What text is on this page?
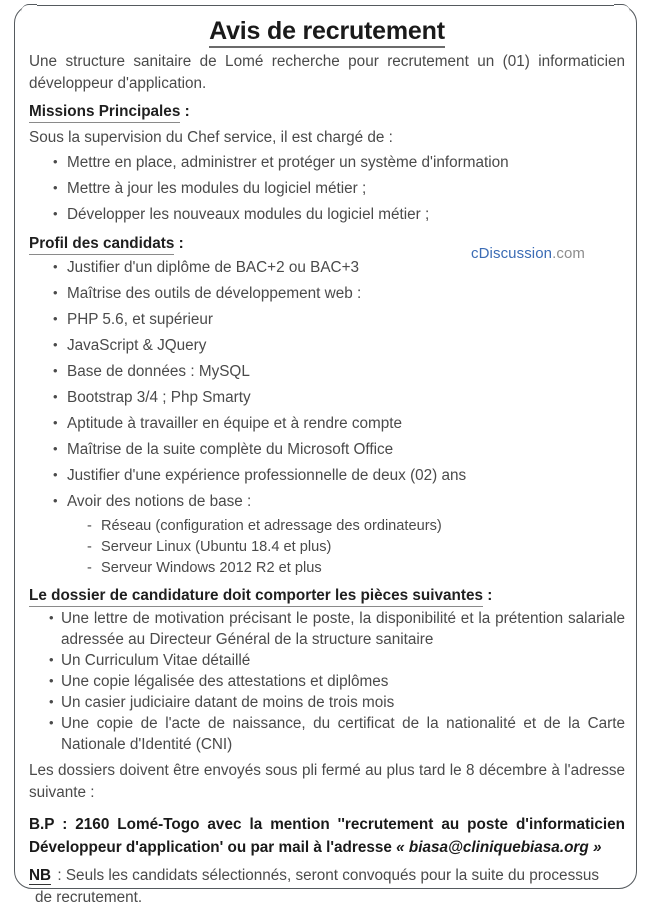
Avis de recrutement

Une structure sanitaire de Lomé recherche pour recrutement un (01) informaticien développeur d'application.

Missions Principales :

Sous la supervision du Chef service, il est chargé de :

• Mettre en place, administrer et protéger un système d'information
• Mettre à jour les modules du logiciel métier ;
• Développer les nouveaux modules du logiciel métier ;
Profil des candidats :
• Justifier d'un diplôme de BAC+2 ou BAC+3
• Maîtrise des outils de développement web :
• PHP 5.6, et supérieur
• JavaScript & JQuery
• Base de données : MySQL
• Bootstrap 3/4 ; Php Smarty
• Aptitude à travailler en équipe et à rendre compte
• Maîtrise de la suite complète du Microsoft Office
• Justifier d'une expérience professionnelle de deux (02) ans
• Avoir des notions de base :
- Réseau (configuration et adressage des ordinateurs)
- Serveur Linux (Ubuntu 18.4 et plus)
- Serveur Windows 2012 R2 et plus
Le dossier de candidature doit comporter les pièces suivantes :
• Une lettre de motivation précisant le poste, la disponibilité et la prétention salariale adressée au Directeur Général de la structure sanitaire
• Un Curriculum Vitae détaillé
• Une copie légalisée des attestations et diplômes
• Un casier judiciaire datant de moins de trois mois
• Une copie de l'acte de naissance, du certificat de la nationalité et de la Carte Nationale d'Identité (CNI)

Les dossiers doivent être envoyés sous pli fermé au plus tard le 8 décembre à l'adresse suivante :

B.P : 2160 Lomé-Togo avec la mention ''recrutement au poste d'informaticien Développeur d'application' ou par mail à l'adresse « biasa@cliniquebiasa.org »
NB : Seuls les candidats sélectionnés, seront convoqués pour la suite du processus
de recrutement.
cDiscussion.com
